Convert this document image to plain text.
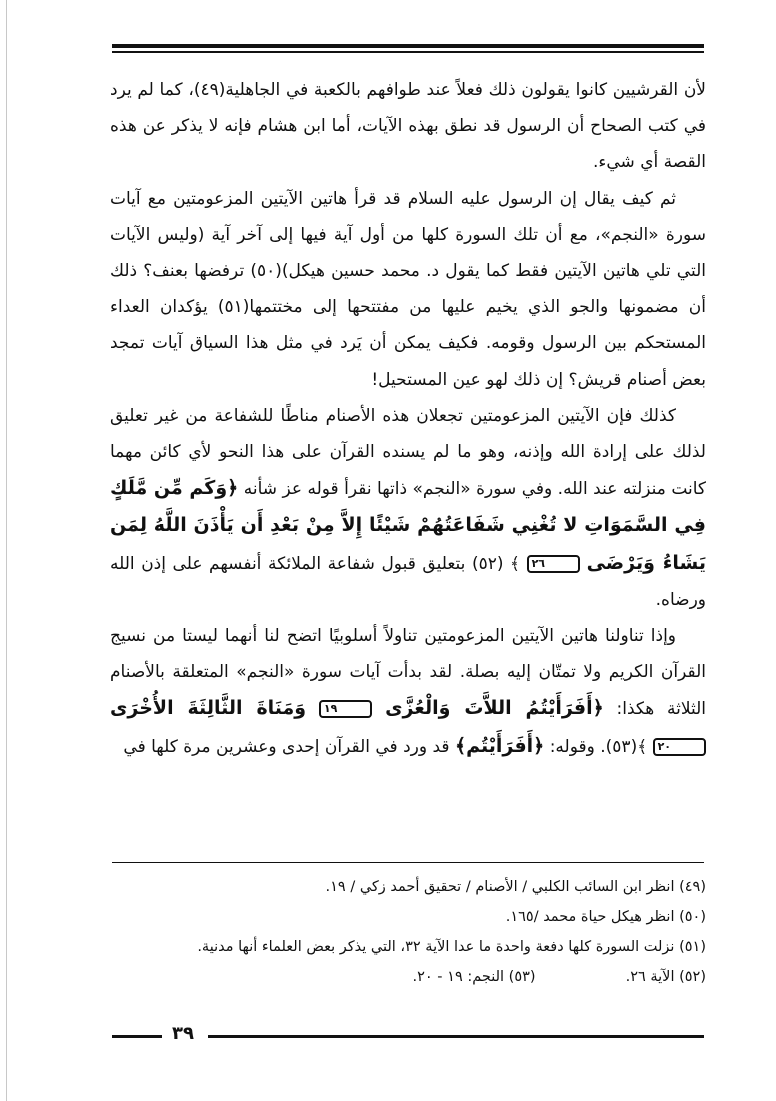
لأن القرشيين كانوا يقولون ذلك فعلاً عند طوافهم بالكعبة في الجاهلية(٤٩)، كما لم يرد في كتب الصحاح أن الرسول قد نطق بهذه الآيات، أما ابن هشام فإنه لا يذكر عن هذه القصة أي شيء.

ثم كيف يقال إن الرسول عليه السلام قد قرأ هاتين الآيتين المزعومتين مع آيات سورة «النجم»، مع أن تلك السورة كلها من أول آية فيها إلى آخر آية (وليس الآيات التي تلي هاتين الآيتين فقط كما يقول د. محمد حسين هيكل)(٥٠) ترفضها بعنف؟ ذلك أن مضمونها والجو الذي يخيم عليها من مفتتحها إلى مختتمها(٥١) يؤكدان العداء المستحكم بين الرسول وقومه. فكيف يمكن أن يَرد في مثل هذا السياق آيات تمجد بعض أصنام قريش؟ إن ذلك لهو عين المستحيل!

كذلك فإن الآيتين المزعومتين تجعلان هذه الأصنام مناطًا للشفاعة من غير تعليق لذلك على إرادة الله وإذنه، وهو ما لم يسنده القرآن على هذا النحو لأي كائن مهما كانت منزلته عند الله. وفي سورة «النجم» ذاتها نقرأ قوله عز شأنه ﴿وَكَم مِّن مَّلَكٍ فِي السَّمَوَاتِ لا تُغْنِي شَفَاعَتُهُمْ شَيْئًا إِلاَّ مِنْ بَعْدِ أَن يَأْذَنَ اللَّهُ لِمَن يَشَاءُ وَيَرْضَى ٢٦ ﴾ (٥٢) بتعليق قبول شفاعة الملائكة أنفسهم على إذن الله ورضاه.

وإذا تناولنا هاتين الآيتين المزعومتين تناولاً أسلوبيًا اتضح لنا أنهما ليستا من نسيج القرآن الكريم ولا تمتّان إليه بصلة. لقد بدأت آيات سورة «النجم» المتعلقة بالأصنام الثلاثة هكذا: ﴿أَفَرَأَيْتُمُ اللاَّتَ وَالْعُزَّى ١٩ وَمَنَاةَ الثَّالِثَةَ الأُخْرَى ٢٠ ﴾(٥٣). وقوله: ﴿أَفَرَأَيْتُم﴾ قد ورد في القرآن إحدى وعشرين مرة كلها في

(٤٩) انظر ابن السائب الكلبي / الأصنام / تحقيق أحمد زكي / ١٩.

(٥٠) انظر هيكل حياة محمد /١٦٥.

(٥١) نزلت السورة كلها دفعة واحدة ما عدا الآية ٣٢، التي يذكر بعض العلماء أنها مدنية.

(٥٢) الآية ٢٦.(٥٣) النجم: ١٩ - ٢٠.

٣٩
